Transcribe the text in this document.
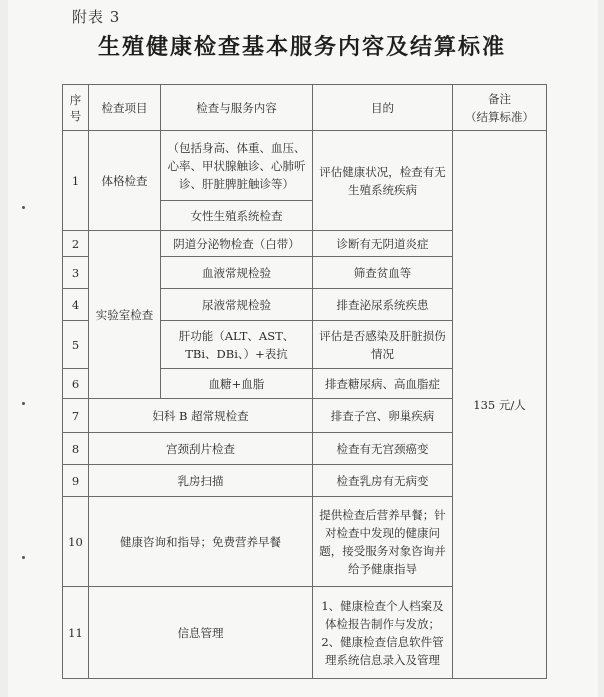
附表 3
生殖健康检查基本服务内容及结算标准
序号	检查项目	检查与服务内容	目的	备注
（结算标准）

1	体格检查	（包括身高、体重、血压、心率、甲状腺触诊、心肺听诊、肝脏脾脏触诊等）	评估健康状况，检查有无生殖系统疾病	135 元/人
		女性生殖系统检查		
2	实验室检查	阴道分泌物检查（白带）	诊断有无阴道炎症	
3		血液常规检验	筛查贫血等	
4		尿液常规检验	排查泌尿系统疾患	
5		肝功能（ALT、AST、TBi、DBi、）+表抗	评估是否感染及肝脏损伤情况	
6		血糖+血脂	排查糖尿病、高血脂症	
7	妇科 B 超常规检查		排查子宫、卵巢疾病	
8	宫颈刮片检查		检查有无宫颈癌变	
9	乳房扫描		检查乳房有无病变	
10	健康咨询和指导；免费营养早餐		提供检查后营养早餐；针对检查中发现的健康问题，接受服务对象咨询并给予健康指导	
11	信息管理		1、健康检查个人档案及体检报告制作与发放；2、健康检查信息软件管理系统信息录入及管理	
